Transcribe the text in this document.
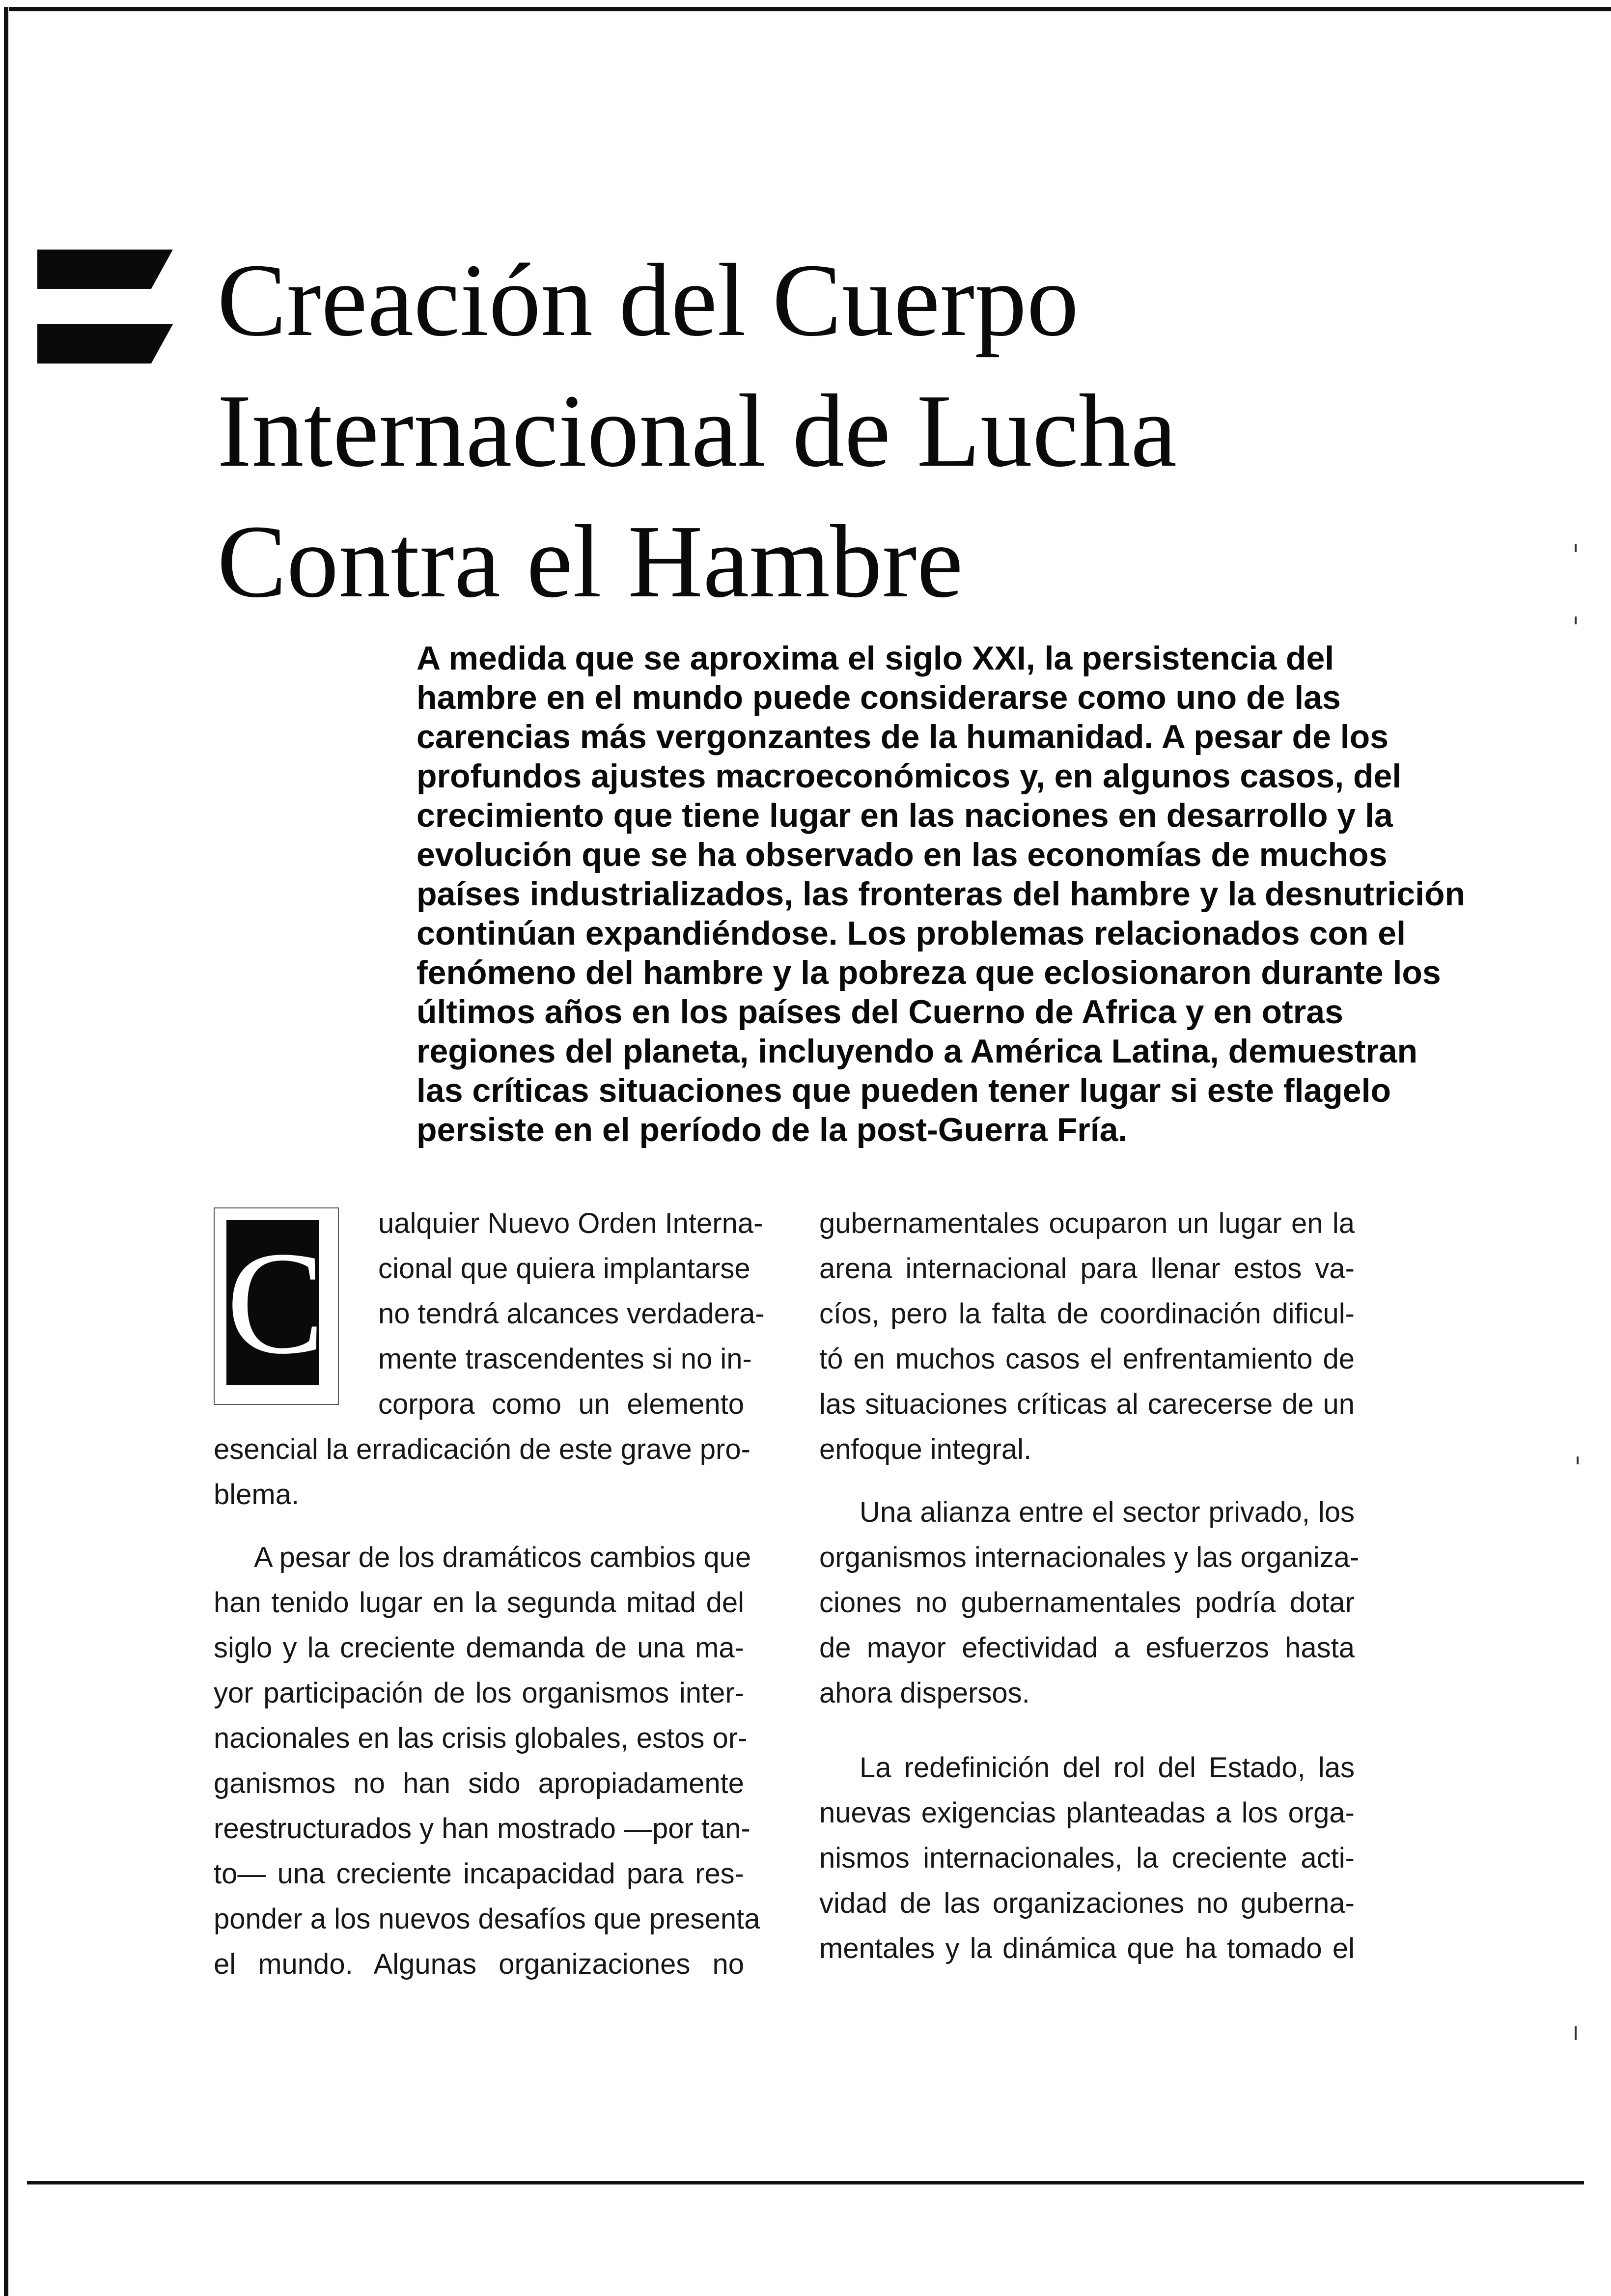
Creación del Cuerpo
Internacional de Lucha
Contra el Hambre
A medida que se aproxima el siglo XXI, la persistencia del
hambre en el mundo puede considerarse como uno de las
carencias más vergonzantes de la humanidad. A pesar de los
profundos ajustes macroeconómicos y, en algunos casos, del
crecimiento que tiene lugar en las naciones en desarrollo y la
evolución que se ha observado en las economías de muchos
países industrializados, las fronteras del hambre y la desnutrición
continúan expandiéndose. Los problemas relacionados con el
fenómeno del hambre y la pobreza que eclosionaron durante los
últimos años en los países del Cuerno de Africa y en otras
regiones del planeta, incluyendo a América Latina, demuestran
las críticas situaciones que pueden tener lugar si este flagelo
persiste en el período de la post-Guerra Fría.
C	ualquier Nuevo Orden Interna-
cional que quiera implantarse
no tendrá alcances verdadera-
mente trascendentes si no in-
corpora como un elemento
esencial la erradicación de este grave pro-
blema.
A pesar de los dramáticos cambios que
han tenido lugar en la segunda mitad del
siglo y la creciente demanda de una ma-
yor participación de los organismos inter-
nacionales en las crisis globales, estos or-
ganismos no han sido apropiadamente
reestructurados y han mostrado —por tan-
to— una creciente incapacidad para res-
ponder a los nuevos desafíos que presenta
el mundo. Algunas organizaciones no
gubernamentales ocuparon un lugar en la
arena internacional para llenar estos va-
cíos, pero la falta de coordinación dificul-
tó en muchos casos el enfrentamiento de
las situaciones críticas al carecerse de un
enfoque integral.
Una alianza entre el sector privado, los
organismos internacionales y las organiza-
ciones no gubernamentales podría dotar
de mayor efectividad a esfuerzos hasta
ahora dispersos.
La redefinición del rol del Estado, las
nuevas exigencias planteadas a los orga-
nismos internacionales, la creciente acti-
vidad de las organizaciones no guberna-
mentales y la dinámica que ha tomado el
